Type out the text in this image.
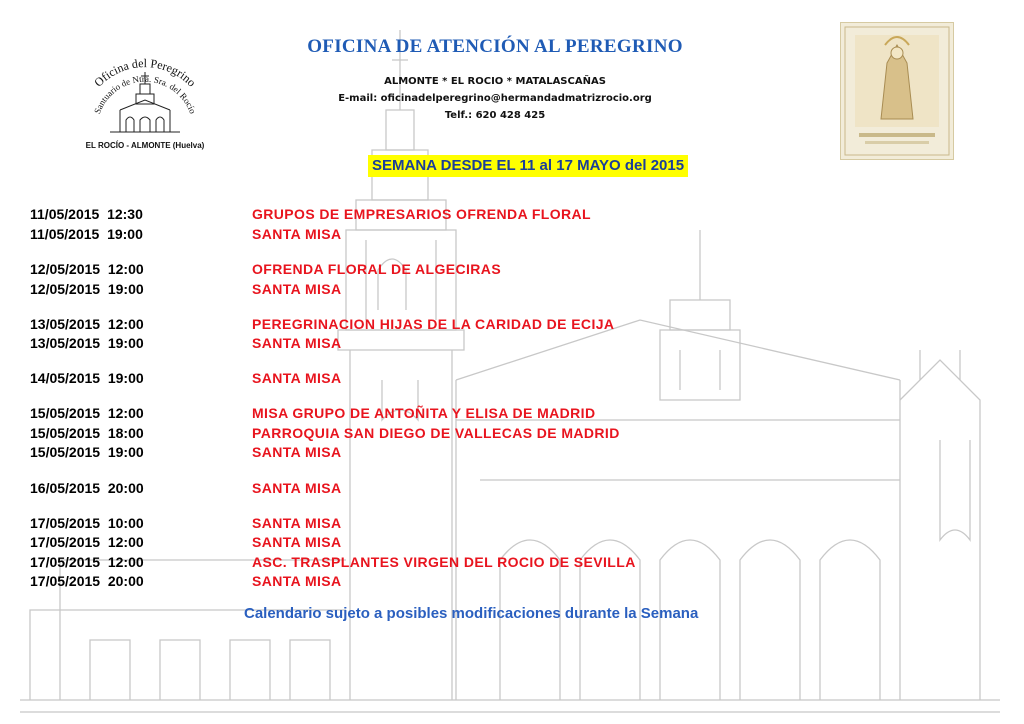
Oficina del Peregrino
Santuario de Ntra. Sra. del Rocío
EL ROCÍO - ALMONTE (Huelva)
OFICINA DE ATENCIÓN AL PEREGRINO
ALMONTE * EL ROCIO * MATALASCAÑAS
E-mail: oficinadelperegrino@hermandadmatrizrocio.org
Telf.: 620 428 425
SEMANA DESDE EL 11 al 17 MAYO del 2015
11/05/2015  12:30	GRUPOS DE EMPRESARIOS OFRENDA FLORAL
11/05/2015  19:00	SANTA MISA
12/05/2015  12:00	OFRENDA FLORAL DE ALGECIRAS
12/05/2015  19:00	SANTA MISA
13/05/2015  12:00	PEREGRINACION HIJAS DE LA CARIDAD DE ECIJA
13/05/2015  19:00	SANTA MISA
14/05/2015  19:00	SANTA MISA
15/05/2015  12:00	MISA GRUPO DE ANTOÑITA Y ELISA DE MADRID
15/05/2015  18:00	PARROQUIA SAN DIEGO DE VALLECAS DE MADRID
15/05/2015  19:00	SANTA MISA
16/05/2015  20:00	SANTA MISA
17/05/2015  10:00	SANTA MISA
17/05/2015  12:00	SANTA MISA
17/05/2015  12:00	ASC. TRASPLANTES VIRGEN DEL ROCIO DE SEVILLA
17/05/2015  20:00	SANTA MISA
Calendario sujeto a posibles modificaciones durante la Semana
